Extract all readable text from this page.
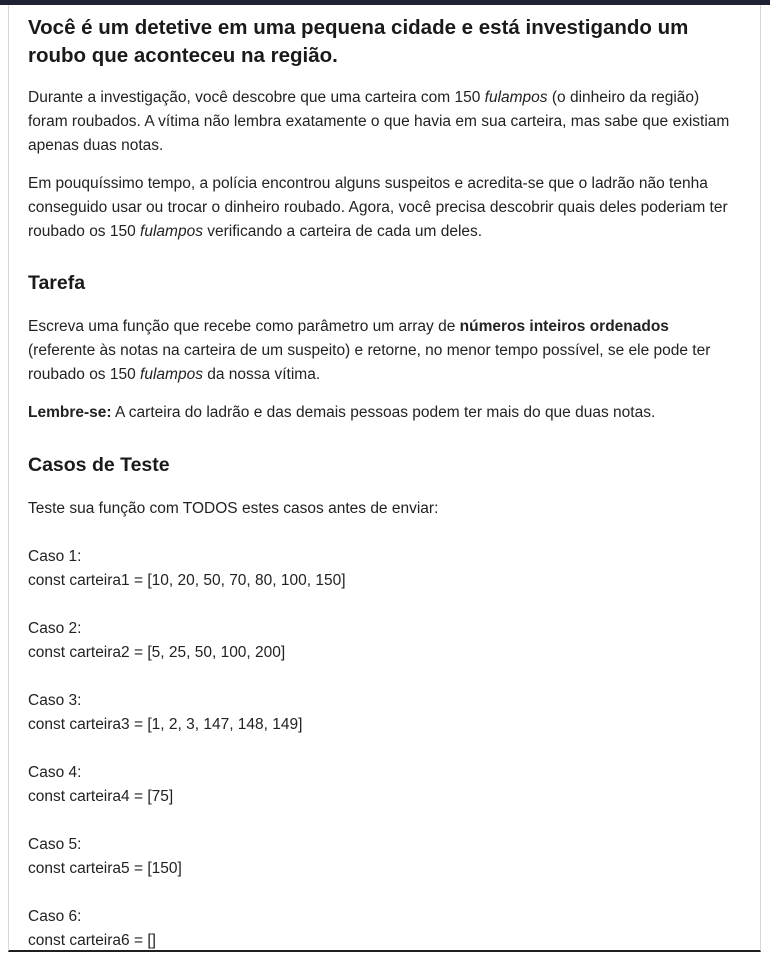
Você é um detetive em uma pequena cidade e está investigando um roubo que aconteceu na região.

Durante a investigação, você descobre que uma carteira com 150 fulampos (o dinheiro da região) foram roubados. A vítima não lembra exatamente o que havia em sua carteira, mas sabe que existiam apenas duas notas.

Em pouquíssimo tempo, a polícia encontrou alguns suspeitos e acredita-se que o ladrão não tenha conseguido usar ou trocar o dinheiro roubado. Agora, você precisa descobrir quais deles poderiam ter roubado os 150 fulampos verificando a carteira de cada um deles.

Tarefa

Escreva uma função que recebe como parâmetro um array de números inteiros ordenados (referente às notas na carteira de um suspeito) e retorne, no menor tempo possível, se ele pode ter roubado os 150 fulampos da nossa vítima.

Lembre-se: A carteira do ladrão e das demais pessoas podem ter mais do que duas notas.

Casos de Teste

Teste sua função com TODOS estes casos antes de enviar:

Caso 1:
const carteira1 = [10, 20, 50, 70, 80, 100, 150]
Caso 2:
const carteira2 = [5, 25, 50, 100, 200]
Caso 3:
const carteira3 = [1, 2, 3, 147, 148, 149]
Caso 4:
const carteira4 = [75]
Caso 5:
const carteira5 = [150]
Caso 6:
const carteira6 = []
